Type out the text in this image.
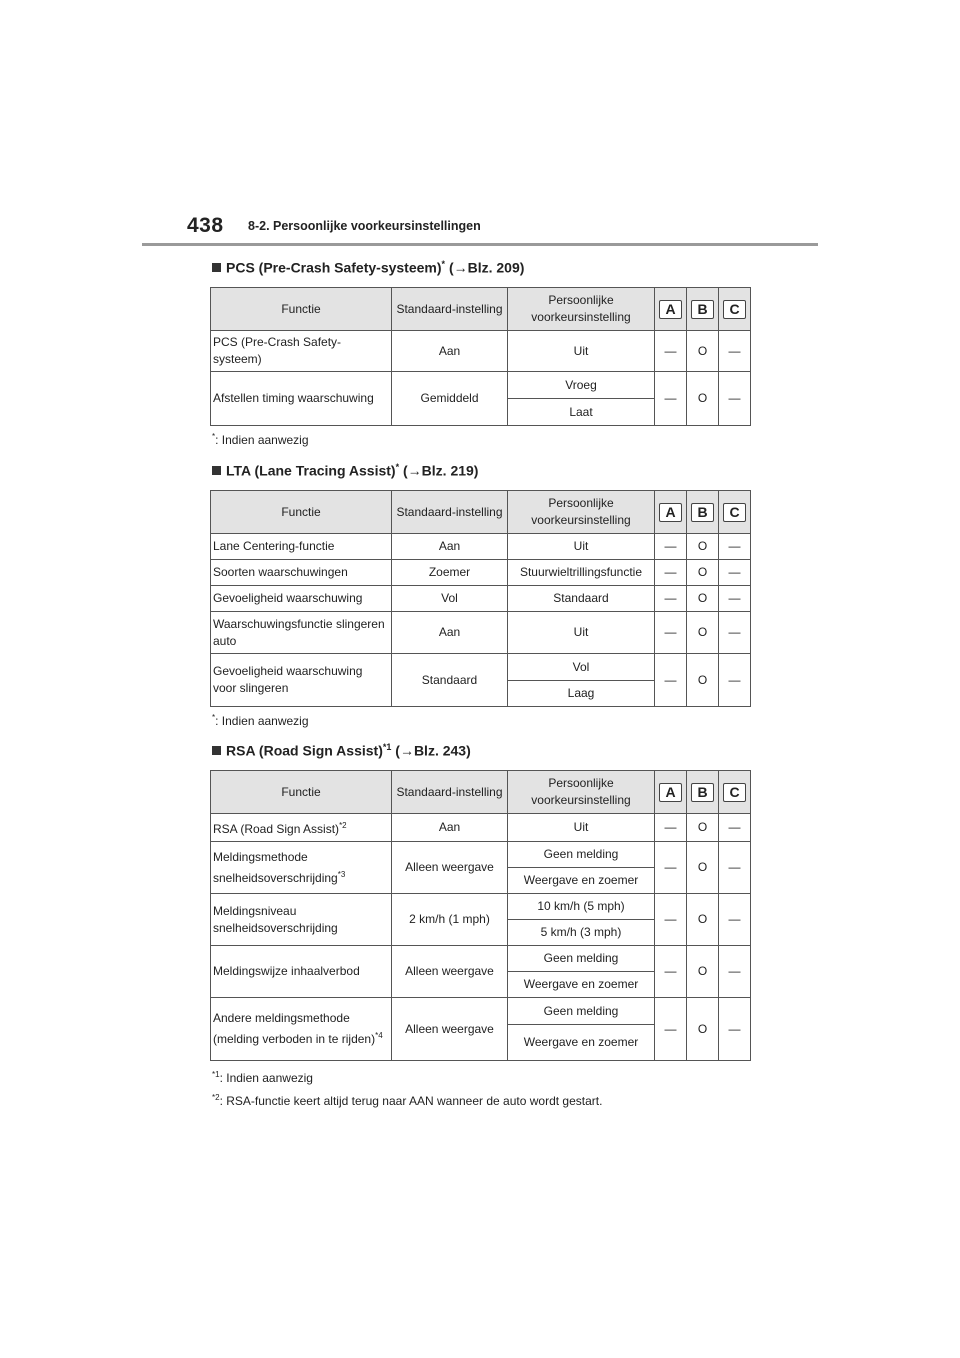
438 8-2. Persoonlijke voorkeursinstellingen
PCS (Pre-Crash Safety-systeem)* (→Blz. 209)
Functie	Standaard-instelling	Persoonlijke voorkeursinstelling	A	B	C
PCS (Pre-Crash Safety-systeem)	Aan	Uit	—	O	—
Afstellen timing waarschuwing	Gemiddeld	Vroeg	—	O	—
		Laat			
*: Indien aanwezig
LTA (Lane Tracing Assist)* (→Blz. 219)
Functie	Standaard-instelling	Persoonlijke voorkeursinstelling	A	B	C
Lane Centering-functie	Aan	Uit	—	O	—
Soorten waarschuwingen	Zoemer	Stuurwieltrillingsfunctie	—	O	—
Gevoeligheid waarschuwing	Vol	Standaard	—	O	—
Waarschuwingsfunctie slingeren auto	Aan	Uit	—	O	—
Gevoeligheid waarschuwing voor slingeren	Standaard	Vol	—	O	—
		Laag			
*: Indien aanwezig
RSA (Road Sign Assist)$^{*1}$ (→Blz. 243)
Functie	Standaard-instelling	Persoonlijke voorkeursinstelling	A	B	C
RSA (Road Sign Assist)$^{*2}$	Aan	Uit	—	O	—
Meldingsmethode snelheidsoverschrijding$^{*3}$	Alleen weergave	Geen melding	—	O	—
		Weergave en zoemer			
Meldingsniveau snelheidsoverschrijding	2 km/h (1 mph)	10 km/h (5 mph)	—	O	—
		5 km/h (3 mph)			
Meldingswijze inhaalverbod	Alleen weergave	Geen melding	—	O	—
		Weergave en zoemer			
Andere meldingsmethode (melding verboden in te rijden)$^{*4}$	Alleen weergave	Geen melding	—	O	—
		Weergave en zoemer			
$^{*1}$: Indien aanwezig
$^{*2}$: RSA-functie keert altijd terug naar AAN wanneer de auto wordt gestart.
